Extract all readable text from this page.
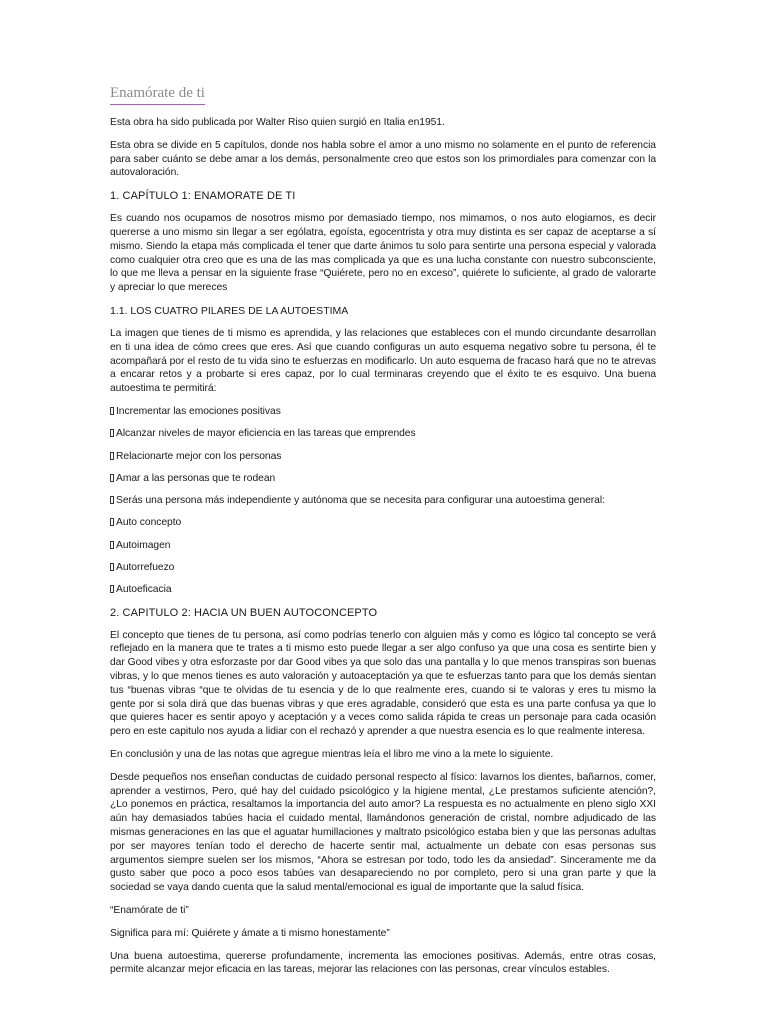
Enamórate de ti

Esta obra ha sido publicada por Walter Riso quien surgió en Italia en1951.

Esta obra se divide en 5 capítulos, donde nos habla sobre el amor a uno mismo no solamente en el punto de referencia para saber cuánto se debe amar a los demás, personalmente creo que estos son los primordiales para comenzar con la autovaloración.

1. CAPÍTULO 1: ENAMORATE DE TI

Es cuando nos ocupamos de nosotros mismo por demasiado tiempo, nos mimamos, o nos auto elogiamos, es decir quererse a uno mismo sin llegar a ser ególatra, egoísta, egocentrista y otra muy distinta es ser capaz de aceptarse a sí mismo. Siendo la etapa más complicada el tener que darte ánimos tu solo para sentirte una persona especial y valorada como cualquier otra creo que es una de las mas complicada ya que es una lucha constante con nuestro subconsciente, lo que me lleva a pensar en la siguiente frase “Quiérete, pero no en exceso”, quiérete lo suficiente, al grado de valorarte y apreciar lo que mereces

1.1. LOS CUATRO PILARES DE LA AUTOESTIMA

La imagen que tienes de ti mismo es aprendida, y las relaciones que estableces con el mundo circundante desarrollan en ti una idea de cómo crees que eres. Así que cuando configuras un auto esquema negativo sobre tu persona, él te acompañará por el resto de tu vida sino te esfuerzas en modificarlo. Un auto esquema de fracaso hará que no te atrevas a encarar retos y a probarte si eres capaz, por lo cual terminaras creyendo que el éxito te es esquivo. Una buena autoestima te permitirá:

Incrementar las emociones positivas
Alcanzar niveles de mayor eficiencia en las tareas que emprendes
Relacionarte mejor con los personas
Amar a las personas que te rodean
Serás una persona más independiente y autónoma que se necesita para configurar una autoestima general:
Auto concepto
Autoimagen
Autorrefuezo
Autoeficacia
2. CAPITULO 2: HACIA UN BUEN AUTOCONCEPTO

El concepto que tienes de tu persona, así como podrías tenerlo con alguien más y como es lógico tal concepto se verá reflejado en la manera que te trates a ti mismo esto puede llegar a ser algo confuso ya que una cosa es sentirte bien y dar Good vibes y otra esforzaste por dar Good vibes ya que solo das una pantalla y lo que menos transpiras son buenas vibras, y lo que menos tienes es auto valoración y autoaceptación ya que te esfuerzas tanto para que los demás sientan tus “buenas vibras “que te olvidas de tu esencia y de lo que realmente eres, cuando si te valoras y eres tu mismo la gente por si sola dirá que das buenas vibras y que eres agradable, consideró que esta es una parte confusa ya que lo que quieres hacer es sentir apoyo y aceptación y a veces como salida rápida te creas un personaje para cada ocasión pero en este capitulo nos ayuda a lidiar con el rechazó y aprender a que nuestra esencia es lo que realmente interesa.

En conclusión y una de las notas que agregue mientras leía el libro me vino a la mete lo siguiente.

Desde pequeños nos enseñan conductas de cuidado personal respecto al físico: lavarnos los dientes, bañarnos, comer, aprender a vestirnos, Pero, qué hay del cuidado psicológico y la higiene mental, ¿Le prestamos suficiente atención?, ¿Lo ponemos en práctica, resaltamos la importancia del auto amor? La respuesta es no actualmente en pleno siglo XXI aún hay demasiados tabúes hacia el cuidado mental, llamándonos generación de cristal, nombre adjudicado de las mismas generaciones en las que el aguatar humillaciones y maltrato psicológico estaba bien y que las personas adultas por ser mayores tenían todo el derecho de hacerte sentir mal, actualmente un debate con esas personas sus argumentos siempre suelen ser los mismos, “Ahora se estresan por todo, todo les da ansiedad”. Sinceramente me da gusto saber que poco a poco esos tabúes van desapareciendo no por completo, pero si una gran parte y que la sociedad se vaya dando cuenta que la salud mental/emocional es igual de importante que la salud física.

“Enamórate de ti”

Significa para mí: Quiérete y ámate a ti mismo honestamente”

Una buena autoestima, quererse profundamente, incrementa las emociones positivas. Además, entre otras cosas, permite alcanzar mejor eficacia en las tareas, mejorar las relaciones con las personas, crear vínculos estables.
